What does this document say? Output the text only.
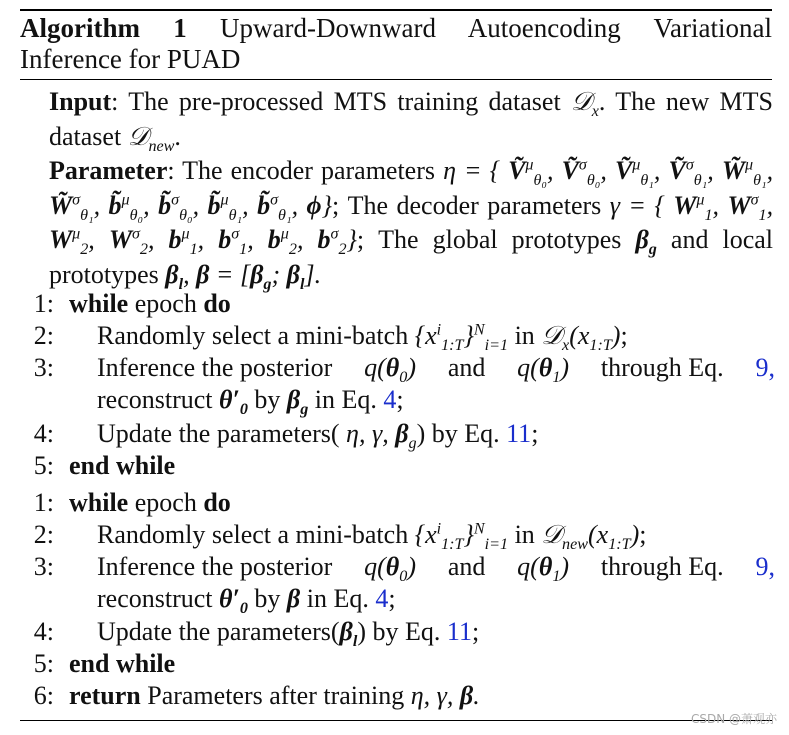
Algorithm 1 Upward-Downward Autoencoding Variational Inference for PUAD
Input: The pre-processed MTS training dataset 𝒟$_x$. The new MTS dataset 𝒟$_{new}$.
Parameter: The encoder parameters η = { Ṽ$^\mu_{\theta_0}$, Ṽ$^\sigma_{\theta_0}$, Ṽ$^\mu_{\theta_1}$, Ṽ$^\sigma_{\theta_1}$, W̃$^\mu_{\theta_1}$, W̃$^\sigma_{\theta_1}$, b̃$^\mu_{\theta_0}$, b̃$^\sigma_{\theta_0}$, b̃$^\mu_{\theta_1}$, b̃$^\sigma_{\theta_1}$, ϕ}; The decoder parameters γ = { $W^\mu_1$, $W^\sigma_1$, $W^\mu_2$, $W^\sigma_2$, $b^\mu_1$, $b^\sigma_1$, $b^\mu_2$, $b^\sigma_2$}; The global prototypes $\beta_g$ and local prototypes $\beta_l$, $\beta = [\beta_g$; $\beta_l$].
1: while epoch do
2: Randomly select a mini-batch $\{x^i_{1:T}\}^N_{i=1}$ in $𝒟_x(x_{1:T})$;
3: Inference the posterior $q(\theta_0)$ and $q(\theta_1)$ through Eq. 9,
reconstruct $\theta'_0$ by $\beta_g$ in Eq. 4;
4: Update the parameters( η, γ, $\beta_g$) by Eq. 11;
5: end while
1: while epoch do
2: Randomly select a mini-batch $\{x^i_{1:T}\}^N_{i=1}$ in $𝒟_{new}(x_{1:T})$;
3: Inference the posterior $q(\theta_0)$ and $q(\theta_1)$ through Eq. 9,
reconstruct $\theta'_0$ by β in Eq. 4;
4: Update the $parameters(\beta_l)$ by Eq. 11;
5: end while
6: return Parameters after training η, γ, β.
CSDN @萧观亦
